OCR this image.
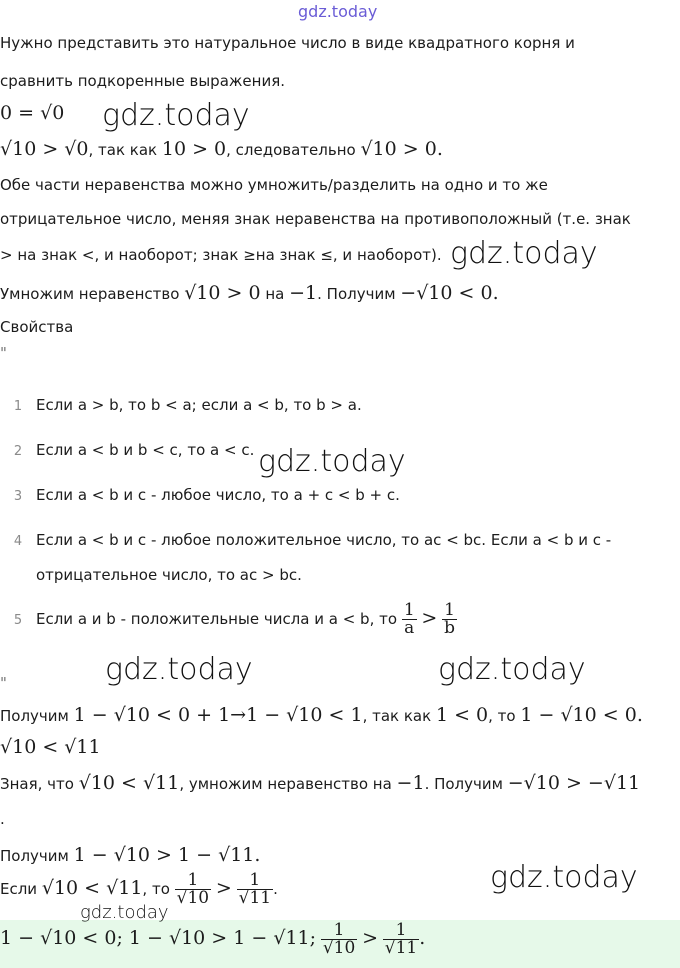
gdz.today
Нужно представить это натуральное число в виде квадратного корня и
сравнить подкоренные выражения.
0 = √0
√10 > √0, так как 10 > 0, следовательно √10 > 0.
Обе части неравенства можно умножить/разделить на одно и то же
отрицательное число, меняя знак неравенства на противоположный (т.е. знак
> на знак <, и наоборот; знак ≥на знак ≤, и наоборот).
Умножим неравенство √10 > 0 на −1. Получим −√10 < 0.
Свойства
"
1 Если a > b, то b < a; если a < b, то b > a.
2 Если a < b и b < c, то a < c.
3 Если a < b и c - любое число, то a + c < b + c.
4 Если a < b и c - любое положительное число, то ac < bc. Если a < b и c -
отрицательное число, то ac > bc.
5 Если a и b - положительные числа и a < b, то $\frac{1}{a} > \frac{1}{b}$
"
Получим 1 − √10 < 0 + 1→1 − √10 < 1, так как 1 < 0, то 1 − √10 < 0.
√10 < √11
Зная, что √10 < √11, умножим неравенство на −1. Получим −√10 > −√11
.
Получим 1 − √10 > 1 − √11.
Если √10 < √11, то $\frac{1}{√10} > \frac{1}{√11}$ .
1 − √10 < 0; 1 − √10 > 1 − √11; $\frac{1}{√10} > \frac{1}{√11}$ .
gdz.today
gdz.today
gdz.today
gdz.today	gdz.today
gdz.today
gdz.today
